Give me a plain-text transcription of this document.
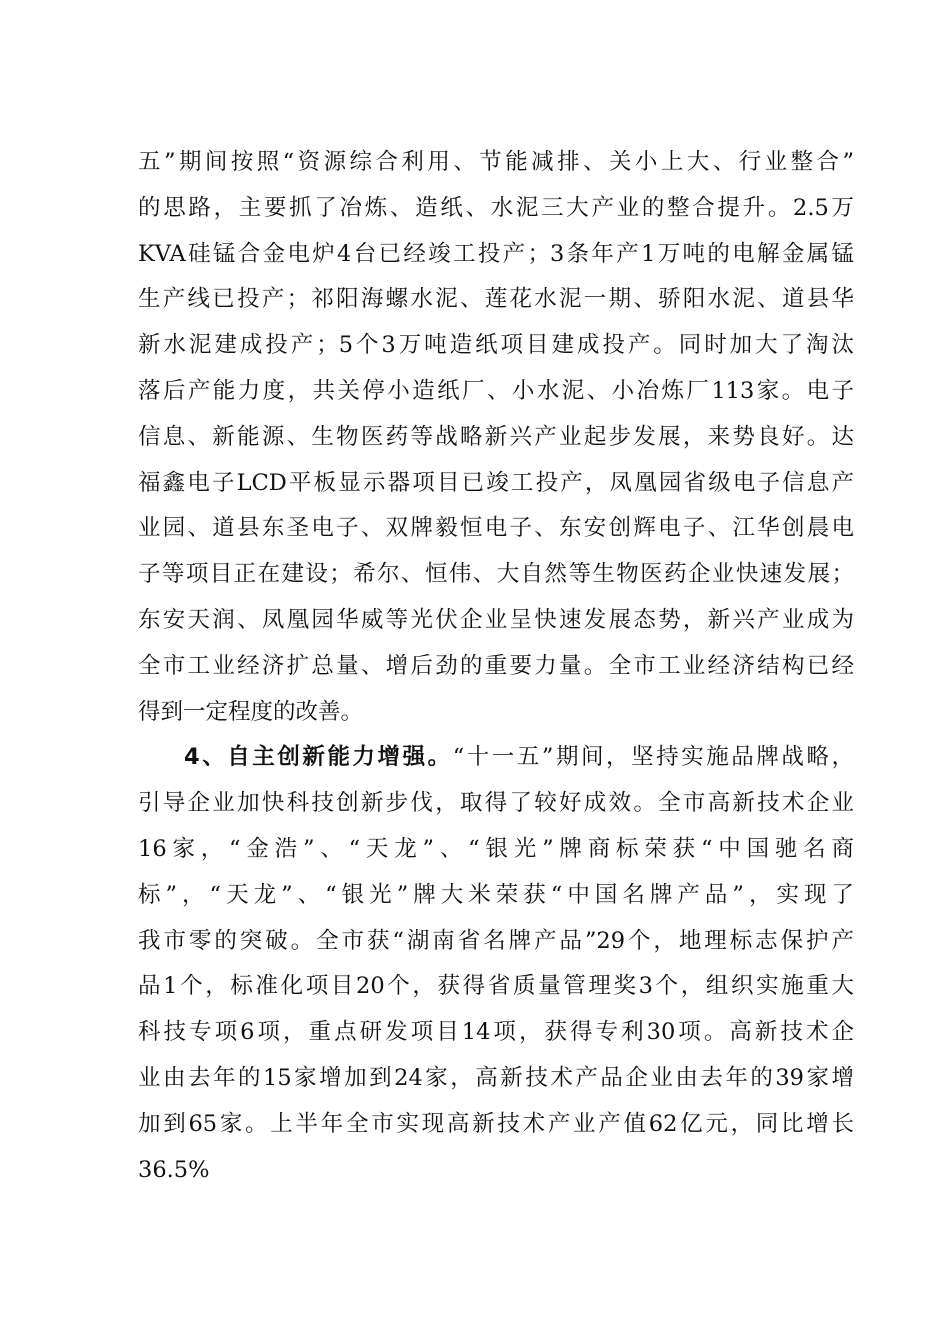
五”期间按照“资源综合利用、节能减排、关小上大、行业整合”
的思路，主要抓了冶炼、造纸、水泥三大产业的整合提升。2.5万
KVA硅锰合金电炉4台已经竣工投产；3条年产1万吨的电解金属锰
生产线已投产；祁阳海螺水泥、莲花水泥一期、骄阳水泥、道县华
新水泥建成投产；5个3万吨造纸项目建成投产。同时加大了淘汰
落后产能力度，共关停小造纸厂、小水泥、小冶炼厂113家。电子
信息、新能源、生物医药等战略新兴产业起步发展，来势良好。达
福鑫电子LCD平板显示器项目已竣工投产，凤凰园省级电子信息产
业园、道县东圣电子、双牌毅恒电子、东安创辉电子、江华创晨电
子等项目正在建设；希尔、恒伟、大自然等生物医药企业快速发展；
东安天润、凤凰园华威等光伏企业呈快速发展态势，新兴产业成为
全市工业经济扩总量、增后劲的重要力量。全市工业经济结构已经
得到一定程度的改善。
4、自主创新能力增强。“十一五”期间，坚持实施品牌战略，
引导企业加快科技创新步伐，取得了较好成效。全市高新技术企业
16家，“金浩”、“天龙”、“银光”牌商标荣获“中国驰名商
标”，“天龙”、“银光”牌大米荣获“中国名牌产品”，实现了
我市零的突破。全市获“湖南省名牌产品”29个，地理标志保护产
品1个，标准化项目20个，获得省质量管理奖3个，组织实施重大
科技专项6项，重点研发项目14项，获得专利30项。高新技术企
业由去年的15家增加到24家，高新技术产品企业由去年的39家增
加到65家。上半年全市实现高新技术产业产值62亿元，同比增长
36.5%
